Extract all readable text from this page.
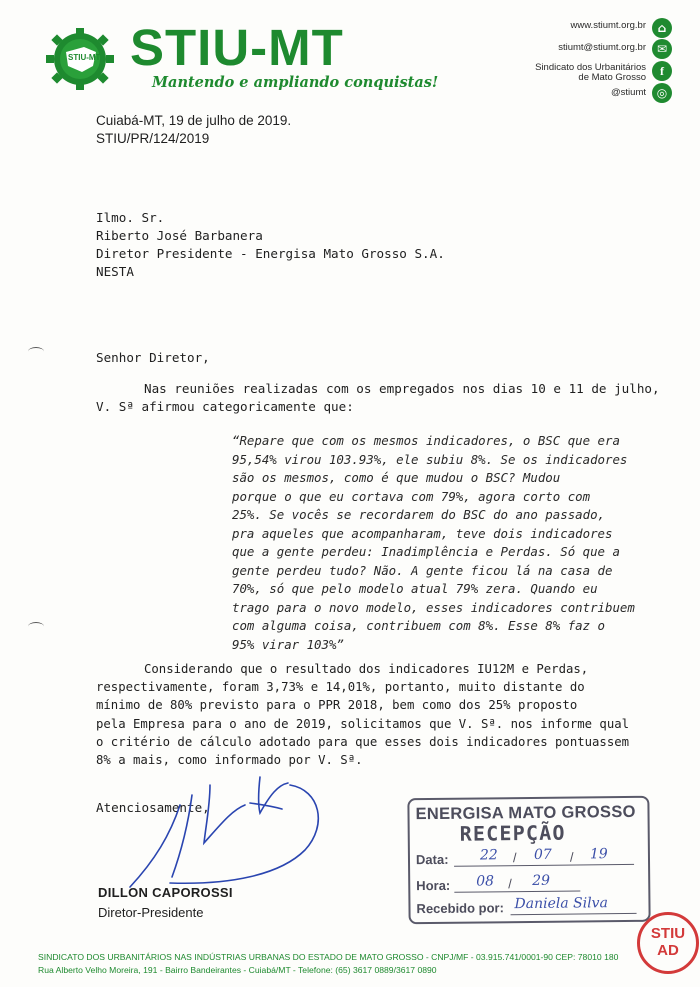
STIU-MT STIU-MT
Mantendo e ampliando conquistas!
www.stiumt.org.br ⌂
stiumt@stiumt.org.br ✉
Sindicato dos Urbanitários
de Mato Grosso	f
@stiumt ◎
Cuiabá-MT, 19 de julho de 2019.
STIU/PR/124/2019
Ilmo. Sr.
Riberto José Barbanera
Diretor Presidente - Energisa Mato Grosso S.A.
NESTA
Senhor Diretor,
Nas reuniões realizadas com os empregados nos dias 10 e 11 de julho,
V. Sª afirmou categoricamente que:
“Repare que com os mesmos indicadores, o BSC que era
95,54% virou 103.93%, ele subiu 8%. Se os indicadores
são os mesmos, como é que mudou o BSC? Mudou
porque o que eu cortava com 79%, agora corto com
25%. Se vocês se recordarem do BSC do ano passado,
pra aqueles que acompanharam, teve dois indicadores
que a gente perdeu: Inadimplência e Perdas. Só que a
gente perdeu tudo? Não. A gente ficou lá na casa de
70%, só que pelo modelo atual 79% zera. Quando eu
trago para o novo modelo, esses indicadores contribuem
com alguma coisa, contribuem com 8%. Esse 8% faz o
95% virar 103%”
Considerando que o resultado dos indicadores IU12M e Perdas,
respectivamente, foram 3,73% e 14,01%, portanto, muito distante do
mínimo de 80% previsto para o PPR 2018, bem como dos 25% proposto
pela Empresa para o ano de 2019, solicitamos que V. Sª. nos informe qual
o critério de cálculo adotado para que esses dois indicadores pontuassem
8% a mais, como informado por V. Sª.
Atenciosamente,
DILLON CAPOROSSI
Diretor-Presidente
ENERGISA MATO GROSSO
RECEPÇÃO
Data: 22 / 07 / 19
Hora: 08 / 29
Recebido por: Daniela Silva
STIU
AD
SINDICATO DOS URBANITÁRIOS NAS INDÚSTRIAS URBANAS DO ESTADO DE MATO GROSSO - CNPJ/MF - 03.915.741/0001-90 CEP: 78010 180
Rua Alberto Velho Moreira, 191 - Bairro Bandeirantes - Cuiabá/MT - Telefone: (65) 3617 0889/3617 0890
